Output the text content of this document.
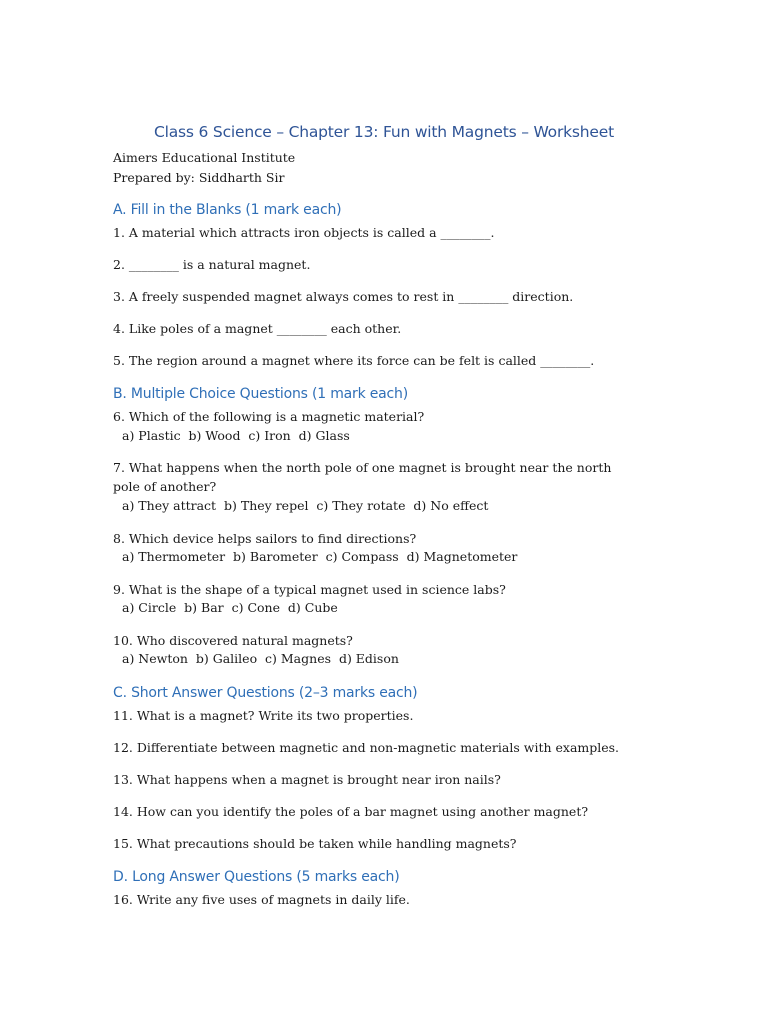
Class 6 Science – Chapter 13: Fun with Magnets – Worksheet

Aimers Educational Institute

Prepared by: Siddharth Sir

A. Fill in the Blanks (1 mark each)

1. A material which attracts iron objects is called a ________.

2. ________ is a natural magnet.

3. A freely suspended magnet always comes to rest in ________ direction.

4. Like poles of a magnet ________ each other.

5. The region around a magnet where its force can be felt is called ________.

B. Multiple Choice Questions (1 mark each)

6. Which of the following is a magnetic material?

a) Plastic  b) Wood  c) Iron  d) Glass

7. What happens when the north pole of one magnet is brought near the north pole of another?

a) They attract  b) They repel  c) They rotate  d) No effect

8. Which device helps sailors to find directions?

a) Thermometer  b) Barometer  c) Compass  d) Magnetometer

9. What is the shape of a typical magnet used in science labs?

a) Circle  b) Bar  c) Cone  d) Cube

10. Who discovered natural magnets?

a) Newton  b) Galileo  c) Magnes  d) Edison

C. Short Answer Questions (2–3 marks each)

11. What is a magnet? Write its two properties.

12. Differentiate between magnetic and non-magnetic materials with examples.

13. What happens when a magnet is brought near iron nails?

14. How can you identify the poles of a bar magnet using another magnet?

15. What precautions should be taken while handling magnets?

D. Long Answer Questions (5 marks each)

16. Write any five uses of magnets in daily life.
